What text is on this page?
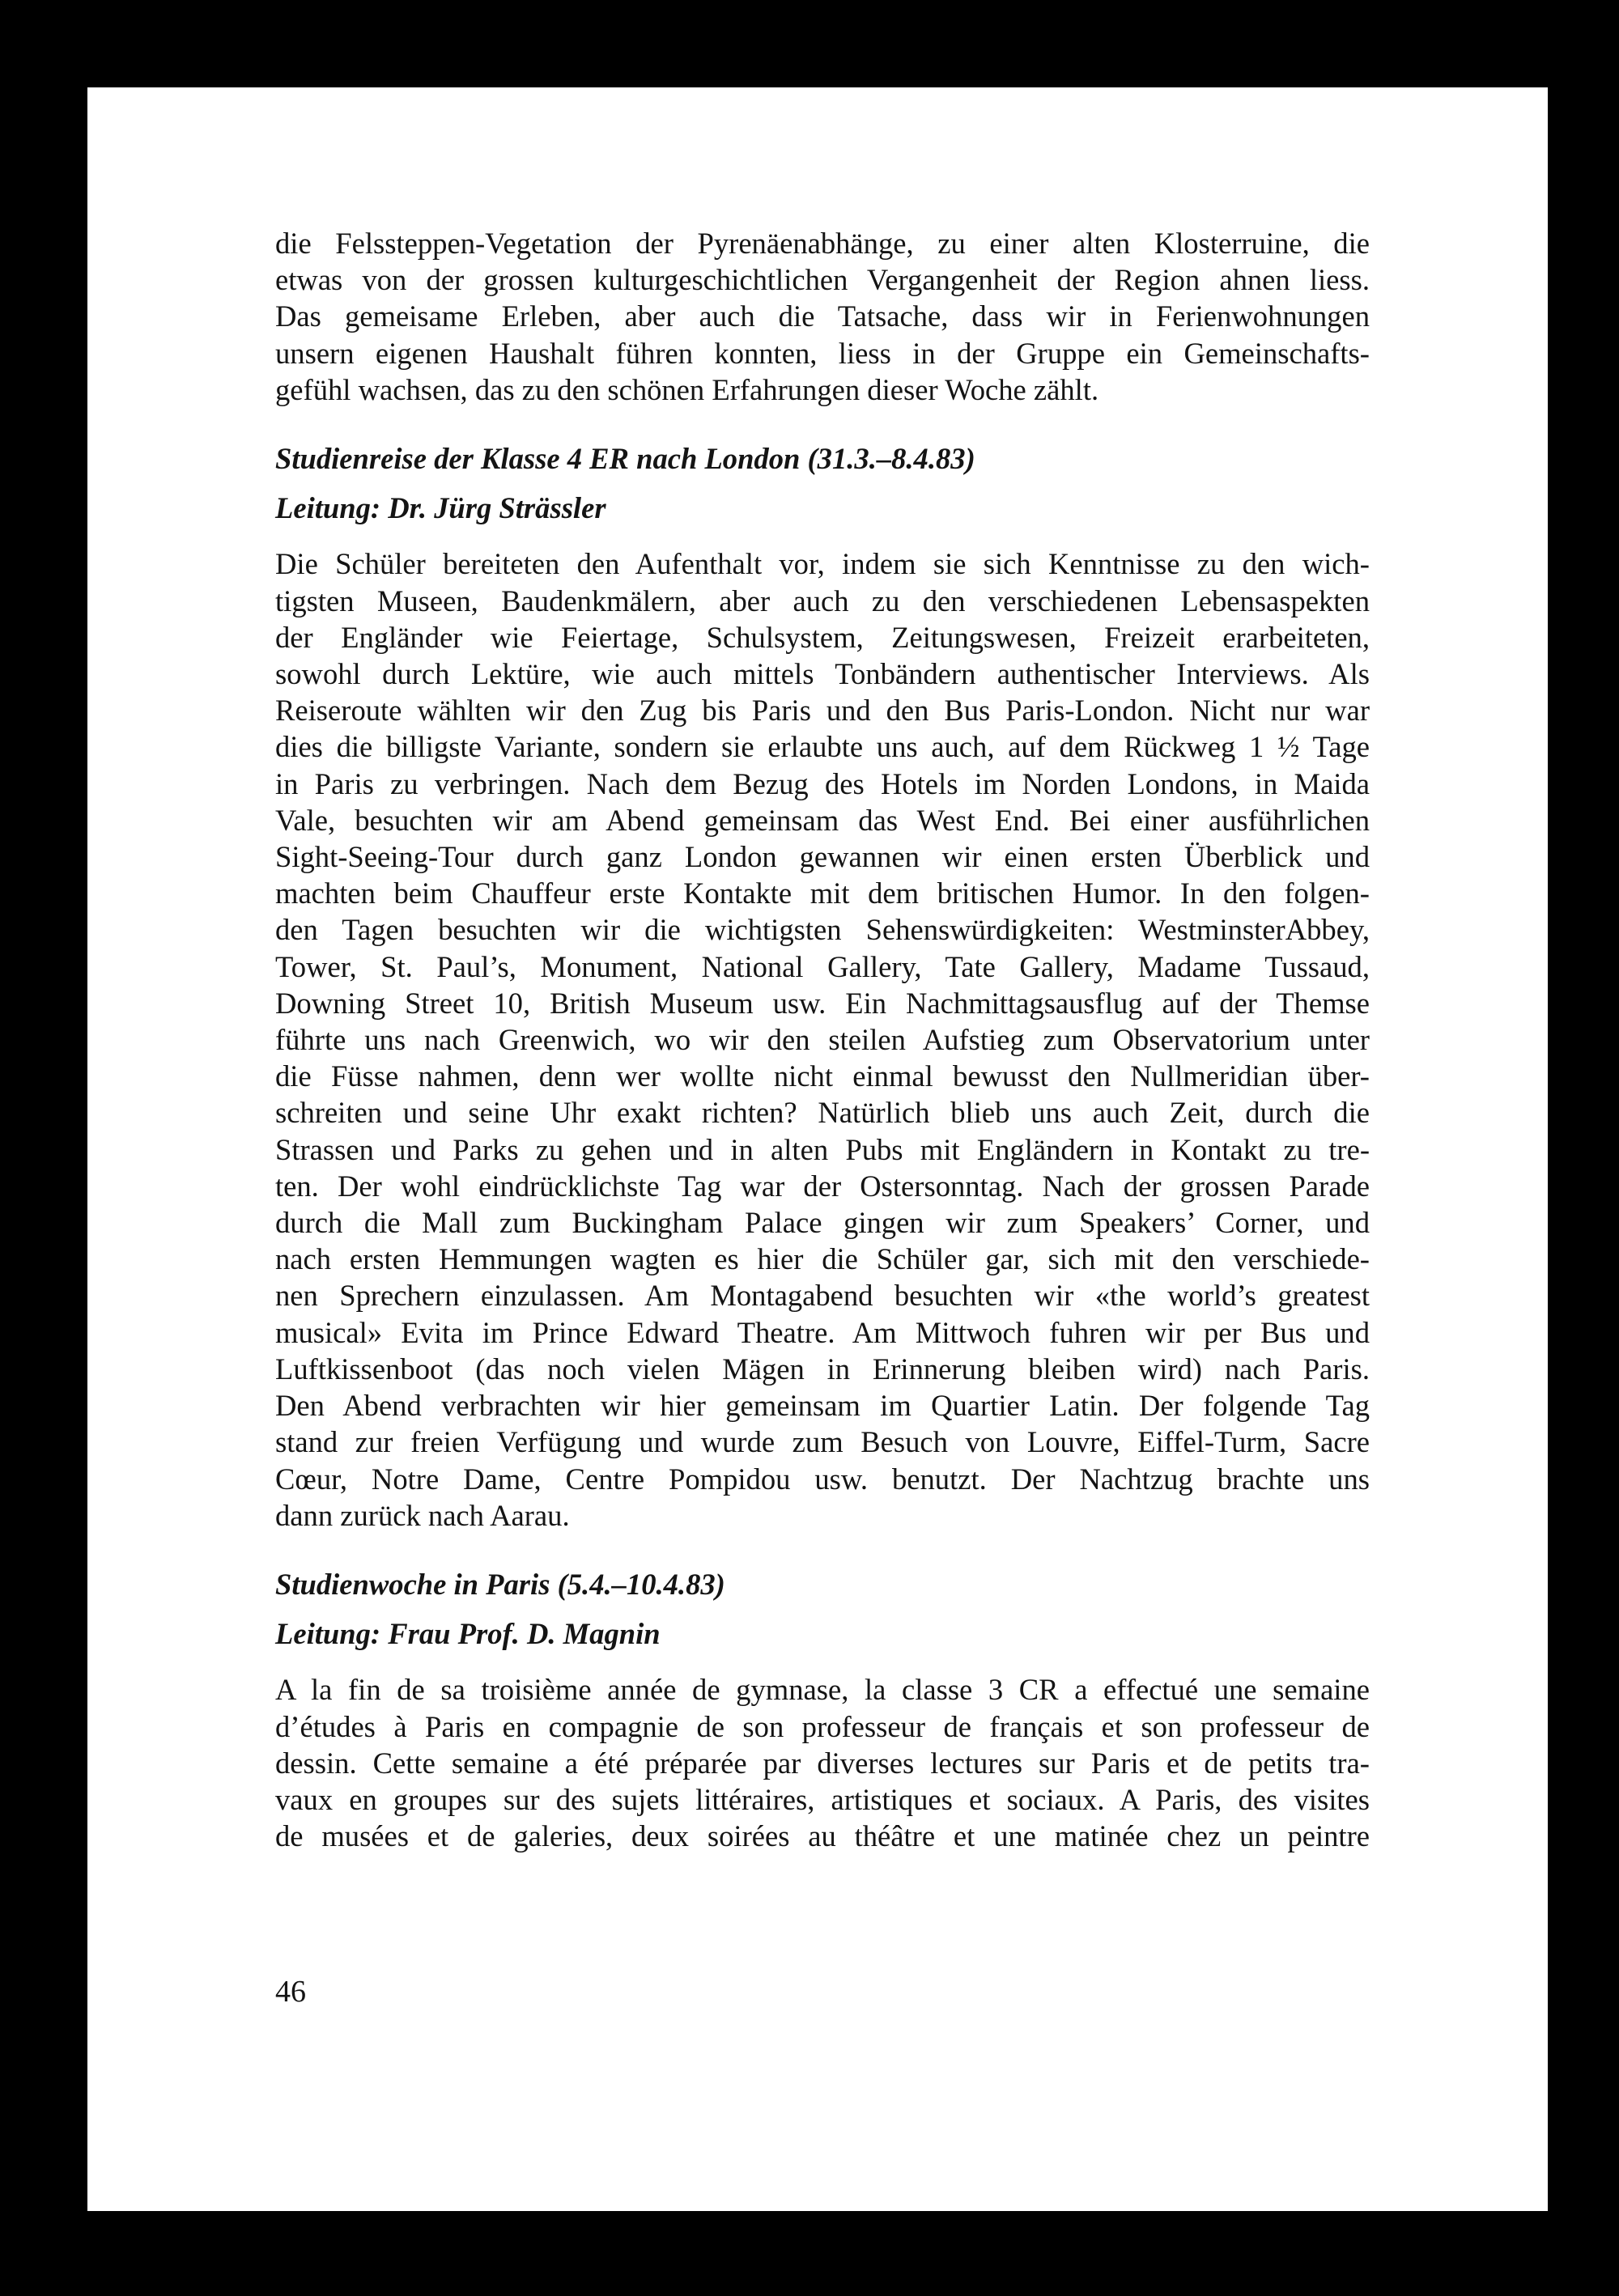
die Felssteppen-Vegetation der Pyrenäenabhänge, zu einer alten Klosterruine, die
etwas von der grossen kulturgeschichtlichen Vergangenheit der Region ahnen liess.
Das gemeisame Erleben, aber auch die Tatsache, dass wir in Ferienwohnungen
unsern eigenen Haushalt führen konnten, liess in der Gruppe ein Gemeinschafts-
gefühl wachsen, das zu den schönen Erfahrungen dieser Woche zählt.
Studienreise der Klasse 4 ER nach London (31.3.–8.4.83)
Leitung: Dr. Jürg Strässler
Die Schüler bereiteten den Aufenthalt vor, indem sie sich Kenntnisse zu den wich-
tigsten Museen, Baudenkmälern, aber auch zu den verschiedenen Lebensaspekten
der Engländer wie Feiertage, Schulsystem, Zeitungswesen, Freizeit erarbeiteten,
sowohl durch Lektüre, wie auch mittels Tonbändern authentischer Interviews. Als
Reiseroute wählten wir den Zug bis Paris und den Bus Paris-London. Nicht nur war
dies die billigste Variante, sondern sie erlaubte uns auch, auf dem Rückweg 1 ½ Tage
in Paris zu verbringen. Nach dem Bezug des Hotels im Norden Londons, in Maida
Vale, besuchten wir am Abend gemeinsam das West End. Bei einer ausführlichen
Sight-Seeing-Tour durch ganz London gewannen wir einen ersten Überblick und
machten beim Chauffeur erste Kontakte mit dem britischen Humor. In den folgen-
den Tagen besuchten wir die wichtigsten Sehenswürdigkeiten: WestminsterAbbey,
Tower, St. Paul’s, Monument, National Gallery, Tate Gallery, Madame Tussaud,
Downing Street 10, British Museum usw. Ein Nachmittagsausflug auf der Themse
führte uns nach Greenwich, wo wir den steilen Aufstieg zum Observatorium unter
die Füsse nahmen, denn wer wollte nicht einmal bewusst den Nullmeridian über-
schreiten und seine Uhr exakt richten? Natürlich blieb uns auch Zeit, durch die
Strassen und Parks zu gehen und in alten Pubs mit Engländern in Kontakt zu tre-
ten. Der wohl eindrücklichste Tag war der Ostersonntag. Nach der grossen Parade
durch die Mall zum Buckingham Palace gingen wir zum Speakers’ Corner, und
nach ersten Hemmungen wagten es hier die Schüler gar, sich mit den verschiede-
nen Sprechern einzulassen. Am Montagabend besuchten wir «the world’s greatest
musical» Evita im Prince Edward Theatre. Am Mittwoch fuhren wir per Bus und
Luftkissenboot (das noch vielen Mägen in Erinnerung bleiben wird) nach Paris.
Den Abend verbrachten wir hier gemeinsam im Quartier Latin. Der folgende Tag
stand zur freien Verfügung und wurde zum Besuch von Louvre, Eiffel-Turm, Sacre
Cœur, Notre Dame, Centre Pompidou usw. benutzt. Der Nachtzug brachte uns
dann zurück nach Aarau.
Studienwoche in Paris (5.4.–10.4.83)
Leitung: Frau Prof. D. Magnin
A la fin de sa troisième année de gymnase, la classe 3 CR a effectué une semaine
d’études à Paris en compagnie de son professeur de français et son professeur de
dessin. Cette semaine a été préparée par diverses lectures sur Paris et de petits tra-
vaux en groupes sur des sujets littéraires, artistiques et sociaux. A Paris, des visites
de musées et de galeries, deux soirées au théâtre et une matinée chez un peintre
46
